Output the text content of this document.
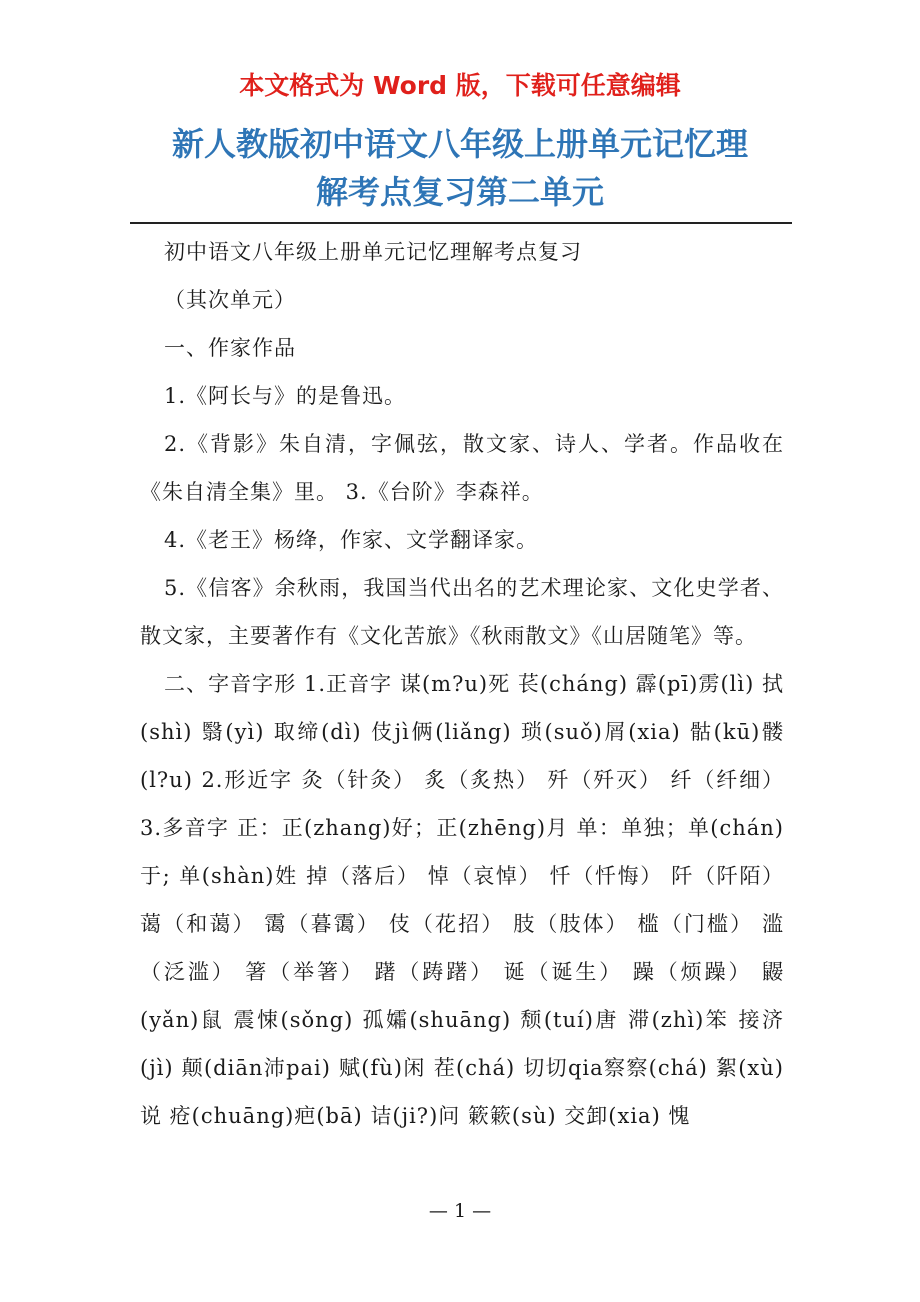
本文格式为 Word 版，下载可任意编辑
新人教版初中语文八年级上册单元记忆理
解考点复习第二单元

初中语文八年级上册单元记忆理解考点复习

（其次单元）

一、作家作品

1.《阿长与》的是鲁迅。

2.《背影》朱自清，字佩弦，散文家、诗人、学者。作品收在《朱自清全集》里。 3.《台阶》李森祥。

4.《老王》杨绛，作家、文学翻译家。

5.《信客》余秋雨，我国当代出名的艺术理论家、文化史学者、散文家，主要著作有《文化苦旅》《秋雨散文》《山居随笔》等。

二、字音字形 1.正音字 谋(m?u)死 苌(cháng) 霹(pī)雳(lì) 拭(shì) 翳(yì) 取缔(dì) 伎jì俩(liǎng) 琐(suǒ)屑(xia) 骷(kū)髅(l?u) 2.形近字 灸（针灸） 炙（炙热） 歼（歼灭） 纤（纤细） 3.多音字 正：正(zhang)好；正(zhēng)月 单：单独；单(chán)于; 单(shàn)姓 掉（落后） 悼（哀悼） 忏（忏悔） 阡（阡陌） 蔼（和蔼） 霭（暮霭） 伎（花招） 肢（肢体） 槛（门槛） 滥（泛滥） 箸（举箸） 躇（踌躇） 诞（诞生） 躁（烦躁） 鼹(yǎn)鼠 震悚(sǒng) 孤孀(shuāng) 颓(tuí)唐 滞(zhì)笨 接济(jì) 颠(diān沛pai) 赋(fù)闲 茬(chá) 切切qia察察(chá) 絮(xù)说 疮(chuāng)疤(bā) 诘(ji?)问 簌簌(sù) 交卸(xia) 愧

— 1 —
